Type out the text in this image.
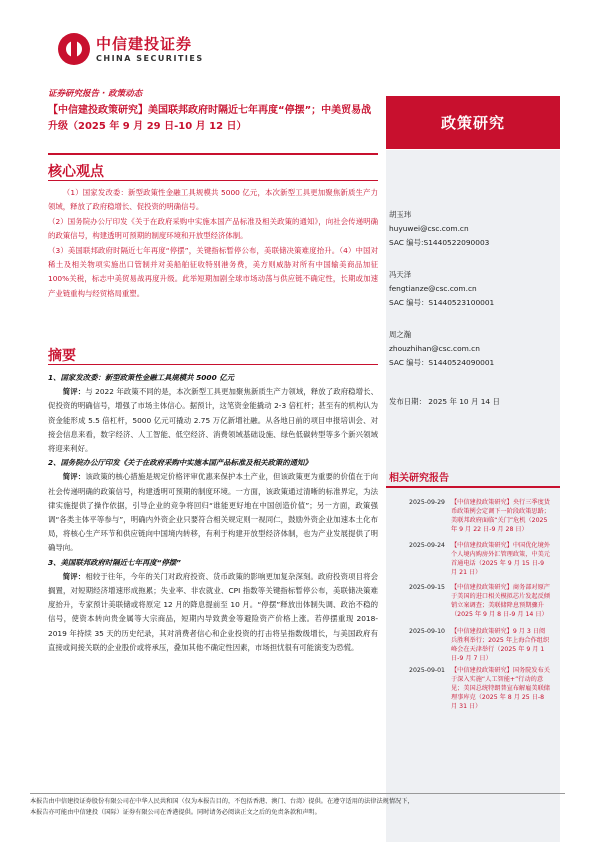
中信建投证券
CHINA SECURITIES
证券研究报告 · 政策动态
【中信建投政策研究】美国联邦政府时隔近七年再度“停摆”；中美贸易战升级（2025 年 9 月 29 日-10 月 12 日）	政策研究
核心观点

（1）国家发改委：新型政策性金融工具规模共 5000 亿元，本次新型工具更加聚焦新质生产力领域，释放了政府稳增长、促投资的明确信号。

（2）国务院办公厅印发《关于在政府采购中实施本国产品标准及相关政策的通知》，向社会传递明确的政策信号，构建透明可预期的制度环境和开放型经济体制。

（3）美国联邦政府时隔近七年再度“停摆”，关键指标暂停公布，美联储决策难度抬升。（4）中国对稀土及相关物项实施出口管制并对美船舶征收特别港务费，美方则威胁对所有中国输美商品加征100%关税，标志中美贸易战再度升级。此举短期加剧全球市场动荡与供应链不确定性，长期或加速产业链重构与经贸格局重塑。

摘要
1、国家发改委：新型政策性金融工具规模共 5000 亿元
简评：与 2022 年政策不同的是，本次新型工具更加聚焦新质生产力领域，释放了政府稳增长、促投资的明确信号，增强了市场主体信心。据预计，这笔资金能撬动 2-3 倍杠杆；甚至有的机构认为资金能形成 5.5 倍杠杆，5000 亿元可撬动 2.75 万亿新增社融。从各地日前的项目申报培训会、对接会信息来看，数字经济、人工智能、低空经济、消费领域基础设施、绿色低碳转型等多个新兴领域将迎来利好。
2、国务院办公厅印发《关于在政府采购中实施本国产品标准及相关政策的通知》
简评：该政策的核心措施是规定价格评审优惠来保护本土产业，但该政策更为重要的价值在于向社会传递明确的政策信号，构建透明可预期的制度环境。一方面，该政策通过清晰的标准界定，为法律实施提供了操作依据，引导企业的竞争将回归“谁能更好地在中国创造价值”；另一方面，政策强调“各类主体平等参与”，明确内外资企业只要符合相关规定则一视同仁，鼓励外资企业加速本土化布局，将核心生产环节和供应链向中国境内转移，有利于构建开放型经济体制，也为产业发展提供了明确导向。
3、美国联邦政府时隔近七年再度“停摆”
简评：相较于往年，今年的关门对政府投资、货币政策的影响更加复杂深刻。政府投资项目将会搁置，对短期经济增速形成拖累；失业率、非农就业、CPI 指数等关键指标暂停公布，美联储决策难度抬升，专家预计美联储或将原定 12 月的降息提前至 10 月。“停摆”释放出体制失调、政治不稳的信号，使资本转向贵金属等大宗商品，短期内导致黄金等避险资产价格上涨。若停摆重现 2018-2019 年持续 35 天的历史纪录，其对消费者信心和企业投资的打击将呈指数级增长，与美国政府有直接或间接关联的企业股价或将承压，叠加其他不确定性因素，市场担忧很有可能演变为恐慌。
胡玉玮
huyuwei@csc.com.cn
SAC 编号:S1440522090003
冯天泽
fengtianze@csc.com.cn
SAC 编号：S1440523100001
周之瀚
zhouzhihan@csc.com.cn
SAC 编号：S1440524090001
发布日期： 2025 年 10 月 14 日
相关研究报告
2025-09-29 【中信建投政策研究】央行三季度货币政策例会定调下一阶段政策思路；美联邦政府面临“关门”危机（2025 年 9 月 22 日-9 月 28 日）
2025-09-24 【中信建投政策研究】中国优化境外个人境内购房外汇管理政策，中美元首通电话（2025 年 9 月 15 日-9 月 21 日）
2025-09-15 【中信建投政策研究】商务部对原产于美国的进口相关模拟芯片发起反倾销立案调查；美联储降息预期骤升（2025 年 9 月 8 日-9 月 14 日）
2025-09-10 【中信建投政策研究】9 月 3 日阅兵胜利举行；2025 年上海合作组织峰会在天津举行（2025 年 9 月 1 日-9 月 7 日）
2025-09-01 【中信建投政策研究】国务院发布关于深入实施“人工智能+”行动的意见；美国总统特朗普宣布解雇美联储理事库克（2025 年 8 月 25 日-8 月 31 日）
本报告由中信建投证券股份有限公司在中华人民共和国（仅为本报告目的，不包括香港、澳门、台湾）提供。在遵守适用的法律法规情况下，
本报告亦可能由中信建投（国际）证券有限公司在香港提供。同时请务必阅读正文之后的免责条款和声明。
